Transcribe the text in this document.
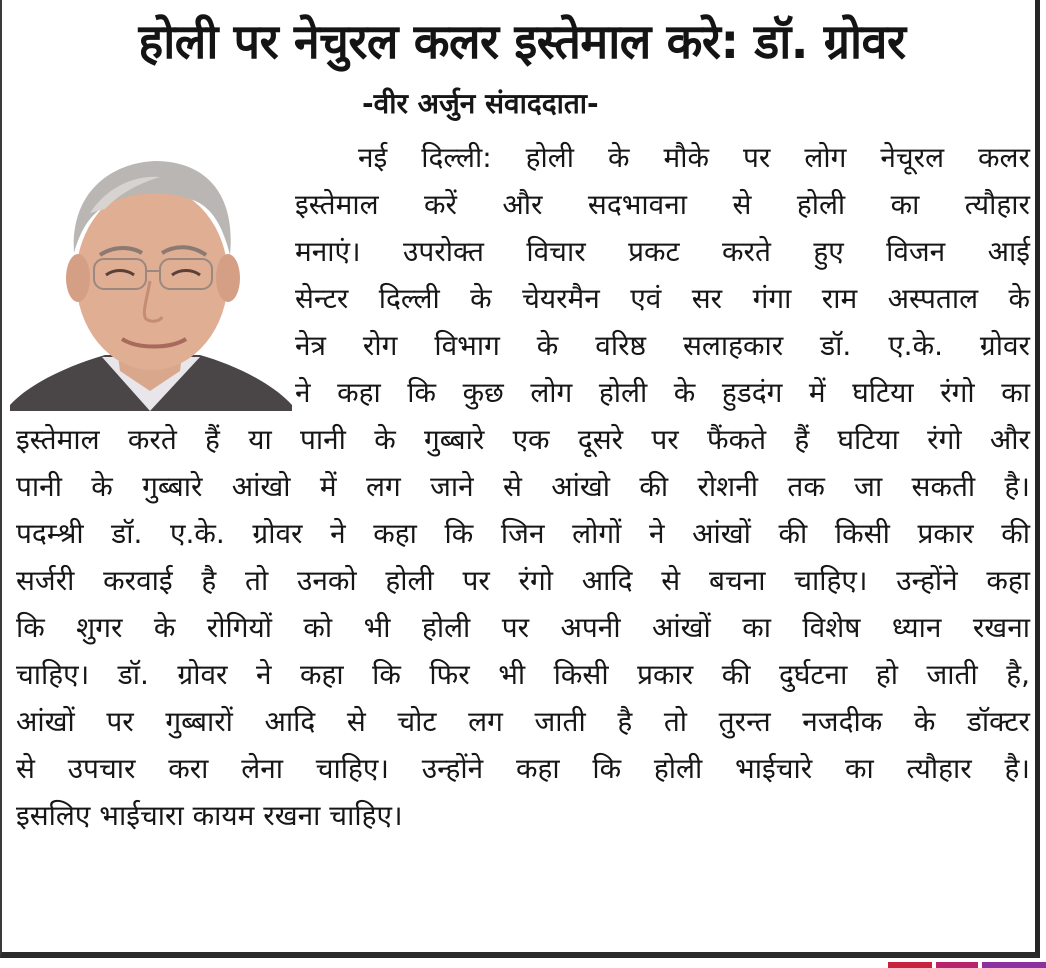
होली पर नेचुरल कलर इस्तेमाल करे: डॉ. ग्रोवर
-वीर अर्जुन संवाददाता-
नई दिल्ली: होली के मौके पर लोग नेचूरल कलर
इस्तेमाल करें और सदभावना से होली का त्यौहार
मनाएं। उपरोक्त विचार प्रकट करते हुए विजन आई
सेन्टर दिल्ली के चेयरमैन एवं सर गंगा राम अस्पताल के
नेत्र रोग विभाग के वरिष्ठ सलाहकार डॉ. ए.के. ग्रोवर
ने कहा कि कुछ लोग होली के हुडदंग में घटिया रंगो का
इस्तेमाल करते हैं या पानी के गुब्बारे एक दूसरे पर फैंकते हैं घटिया रंगो और
पानी के गुब्बारे आंखो में लग जाने से आंखो की रोशनी तक जा सकती है।
पदम्श्री डॉ. ए.के. ग्रोवर ने कहा कि जिन लोगों ने आंखों की किसी प्रकार की
सर्जरी करवाई है तो उनको होली पर रंगो आदि से बचना चाहिए। उन्होंने कहा
कि शुगर के रोगियों को भी होली पर अपनी आंखों का विशेष ध्यान रखना
चाहिए। डॉ. ग्रोवर ने कहा कि फिर भी किसी प्रकार की दुर्घटना हो जाती है,
आंखों पर गुब्बारों आदि से चोट लग जाती है तो तुरन्त नजदीक के डॉक्टर
से उपचार करा लेना चाहिए। उन्होंने कहा कि होली भाईचारे का त्यौहार है।
इसलिए भाईचारा कायम रखना चाहिए।
